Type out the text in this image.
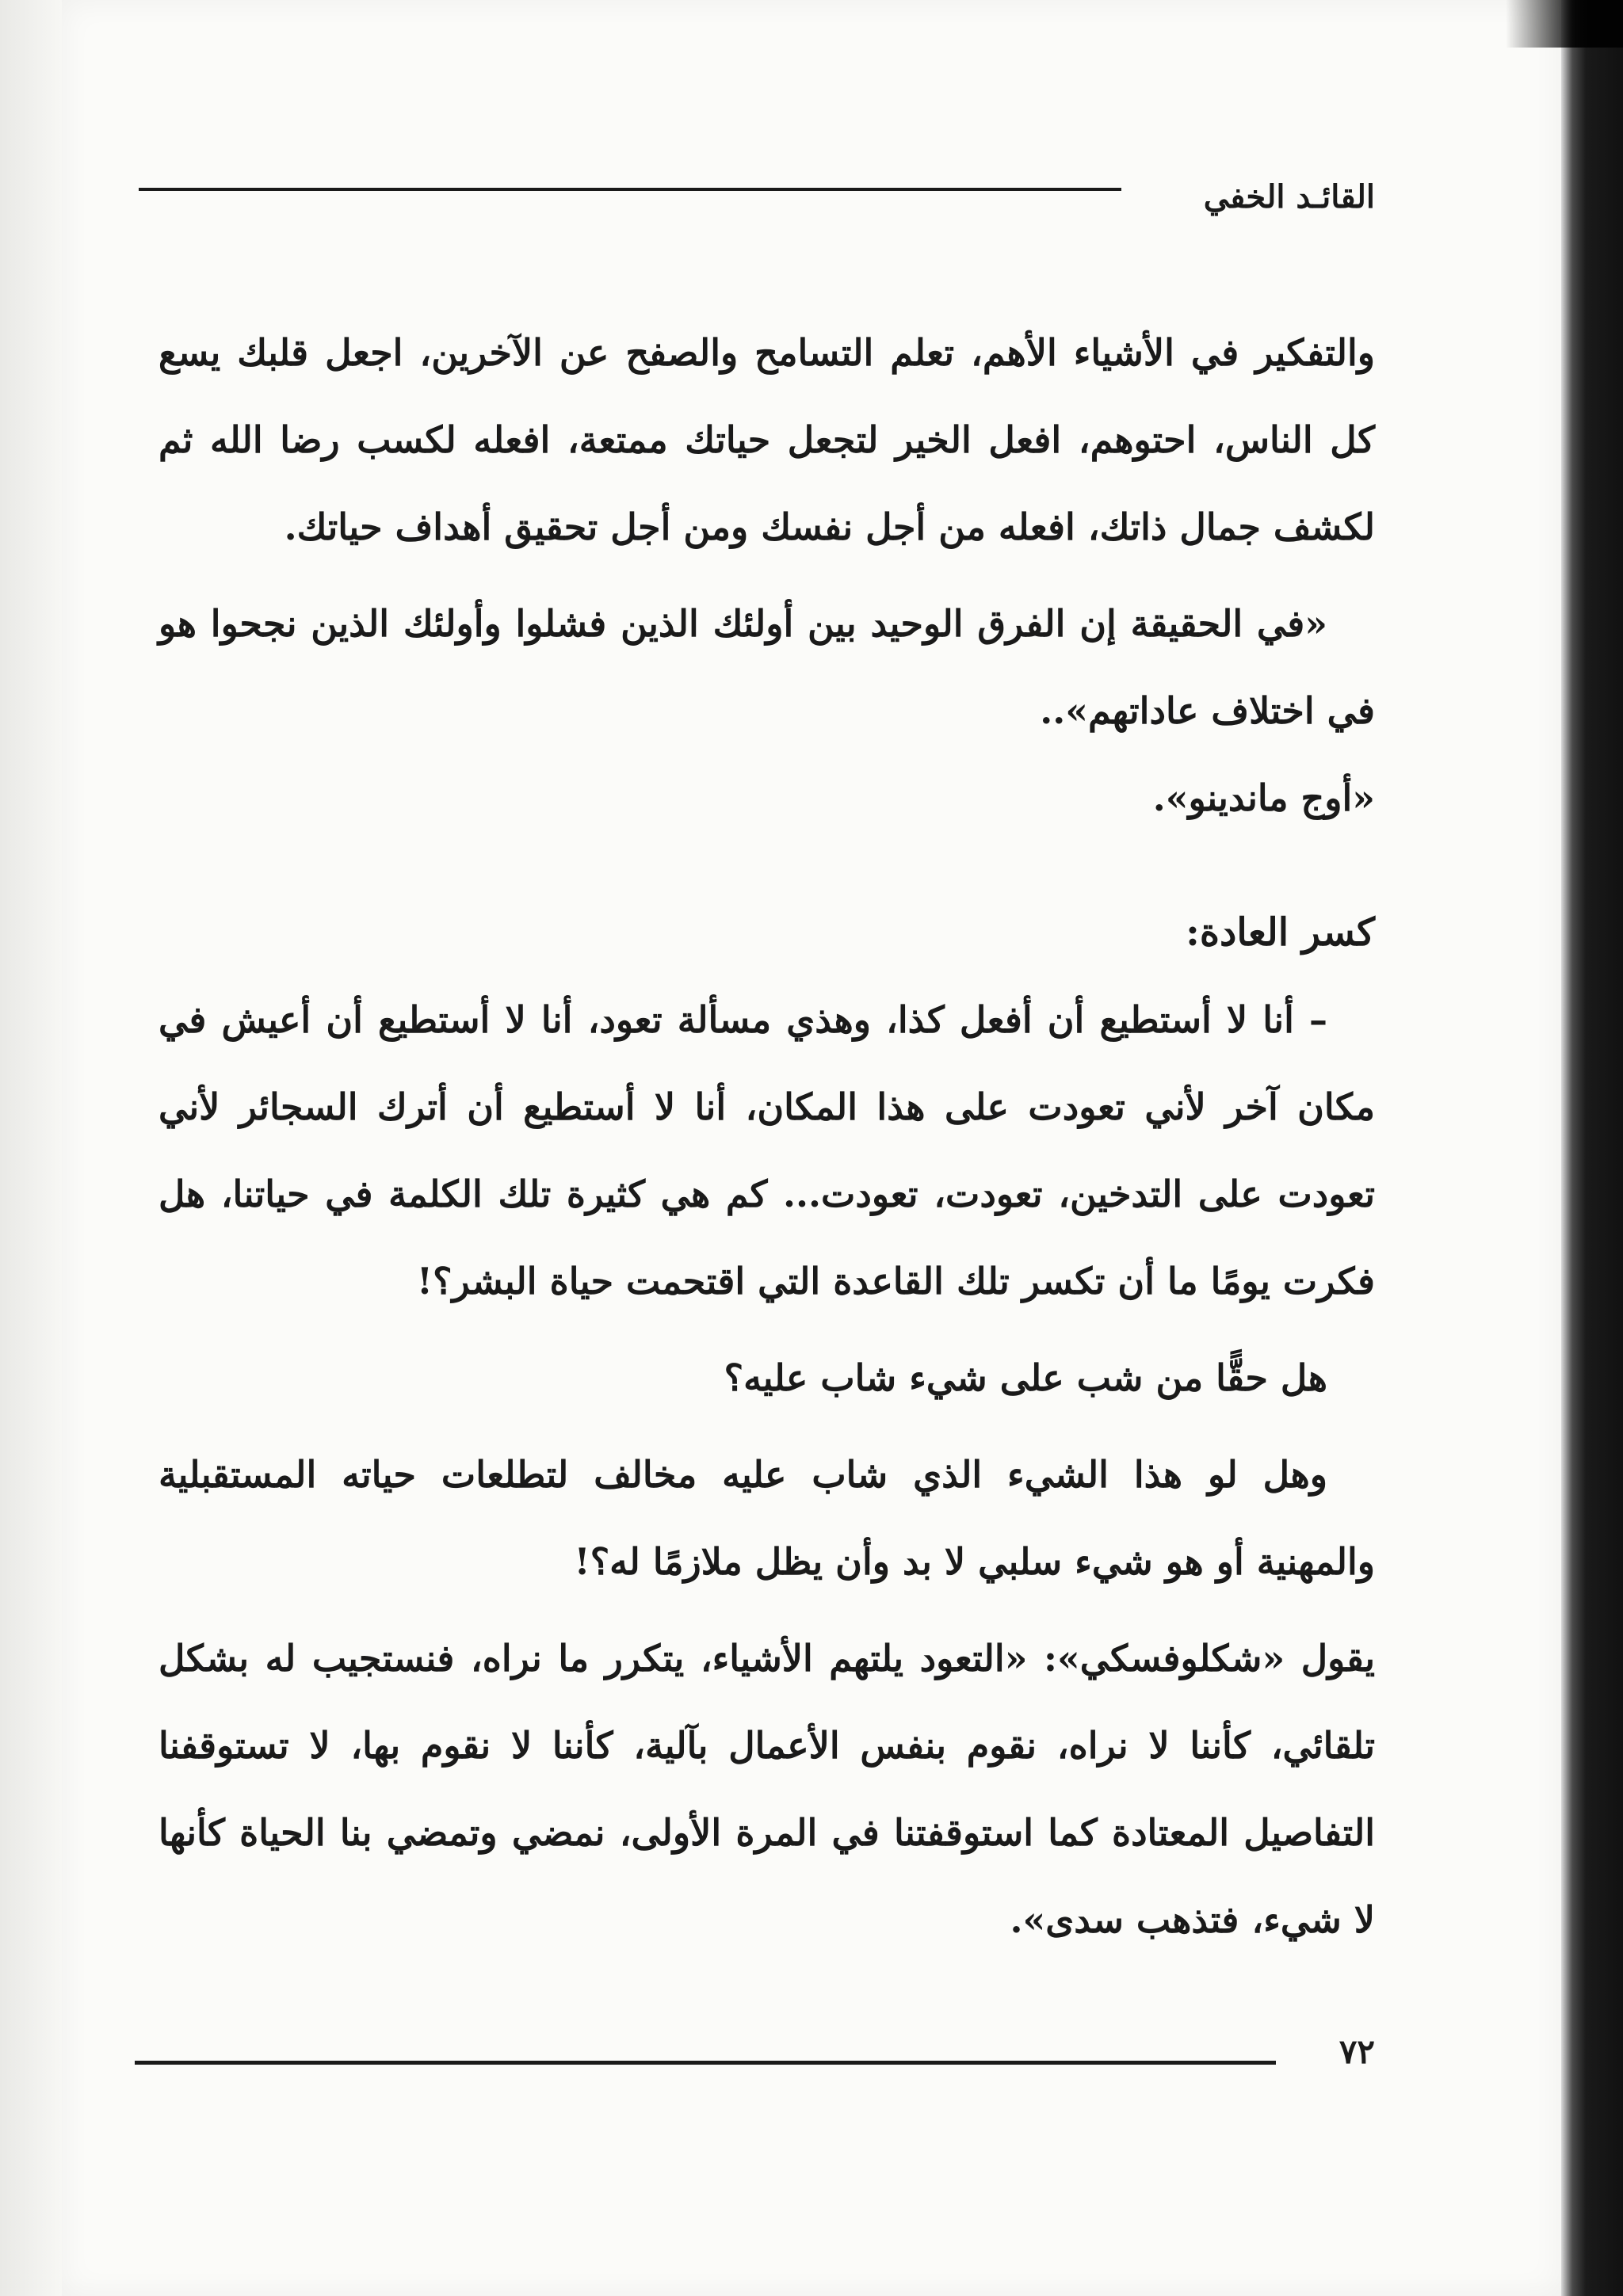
القائـد الخفي

والتفكير في الأشياء الأهم، تعلم التسامح والصفح عن الآخرين، اجعل قلبك يسع كل الناس، احتوهم، افعل الخير لتجعل حياتك ممتعة، افعله لكسب رضا الله ثم لكشف جمال ذاتك، افعله من أجل نفسك ومن أجل تحقيق أهداف حياتك.

«في الحقيقة إن الفرق الوحيد بين أولئك الذين فشلوا وأولئك الذين نجحوا هو في اختلاف عاداتهم»..

«أوج ماندينو».

كسر العادة:

– أنا لا أستطيع أن أفعل كذا، وهذي مسألة تعود، أنا لا أستطيع أن أعيش في مكان آخر لأني تعودت على هذا المكان، أنا لا أستطيع أن أترك السجائر لأني تعودت على التدخين، تعودت، تعودت... كم هي كثيرة تلك الكلمة في حياتنا، هل فكرت يومًا ما أن تكسر تلك القاعدة التي اقتحمت حياة البشر؟!

هل حقًّا من شب على شيء شاب عليه؟

وهل لو هذا الشيء الذي شاب عليه مخالف لتطلعات حياته المستقبلية والمهنية أو هو شيء سلبي لا بد وأن يظل ملازمًا له؟!

يقول «شكلوفسكي»: «التعود يلتهم الأشياء، يتكرر ما نراه، فنستجيب له بشكل تلقائي، كأننا لا نراه، نقوم بنفس الأعمال بآلية، كأننا لا نقوم بها، لا تستوقفنا التفاصيل المعتادة كما استوقفتنا في المرة الأولى، نمضي وتمضي بنا الحياة كأنها لا شيء، فتذهب سدى».

٧٢
